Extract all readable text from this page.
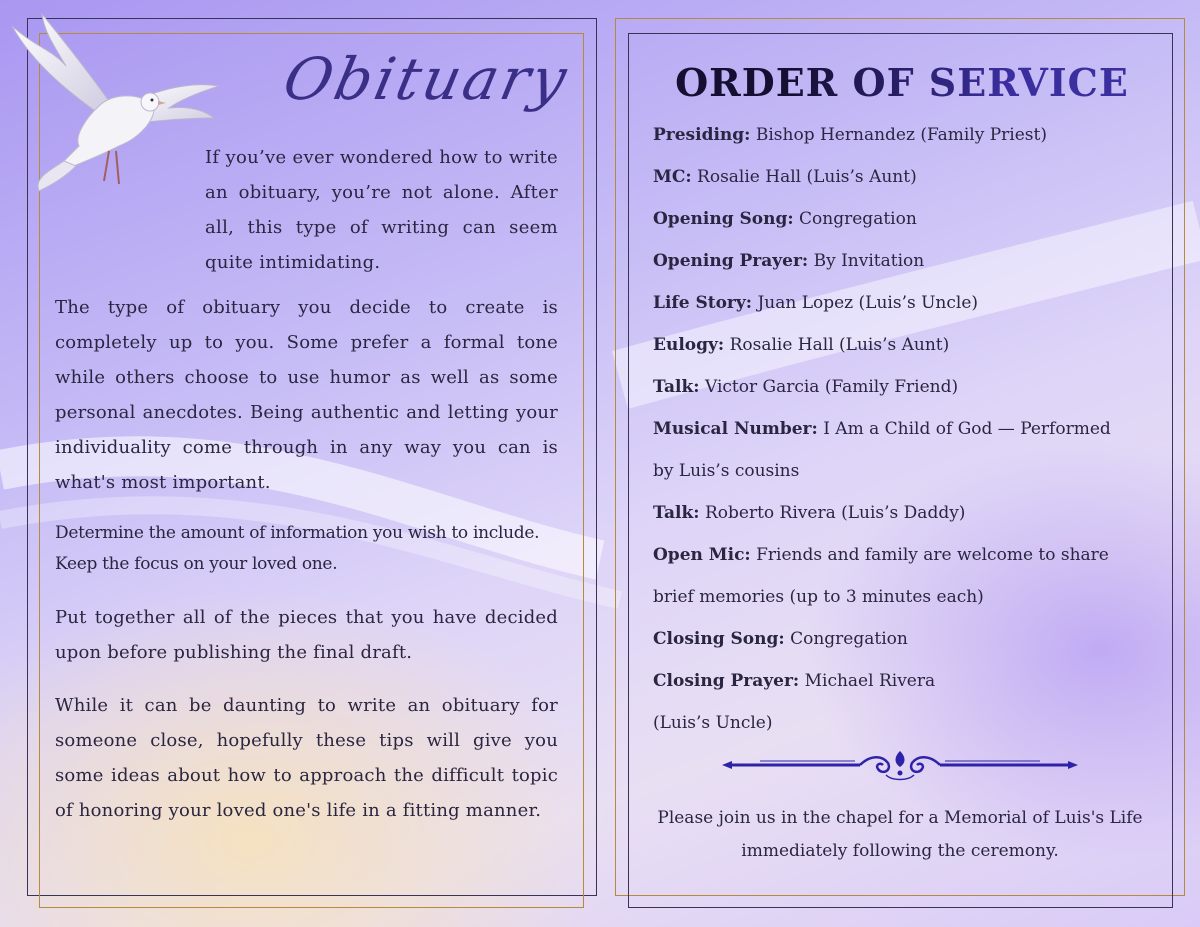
Obituary
If you’ve ever wondered how to write an obituary, you’re not alone. After all, this type of writing can seem quite intimidating.

The type of obituary you decide to create is completely up to you. Some prefer a formal tone while others choose to use humor as well as some personal anecdotes. Being authentic and letting your individuality come through in any way you can is what's most important.

Determine the amount of information you wish to include. Keep the focus on your loved one.

Put together all of the pieces that you have decided upon before publishing the final draft.

While it can be daunting to write an obituary for someone close, hopefully these tips will give you some ideas about how to approach the difficult topic of honoring your loved one's life in a fitting manner.

ORDER OF SERVICE
Presiding: Bishop Hernandez (Family Priest)
MC: Rosalie Hall (Luis’s Aunt)
Opening Song: Congregation
Opening Prayer: By Invitation
Life Story: Juan Lopez (Luis’s Uncle)
Eulogy: Rosalie Hall (Luis’s Aunt)
Talk: Victor Garcia (Family Friend)
Musical Number: I Am a Child of God — Performed
by Luis’s cousins
Talk: Roberto Rivera (Luis’s Daddy)
Open Mic: Friends and family are welcome to share
brief memories (up to 3 minutes each)
Closing Song: Congregation
Closing Prayer: Michael Rivera
(Luis’s Uncle)
Please join us in the chapel for a Memorial of Luis's Life
immediately following the ceremony.
